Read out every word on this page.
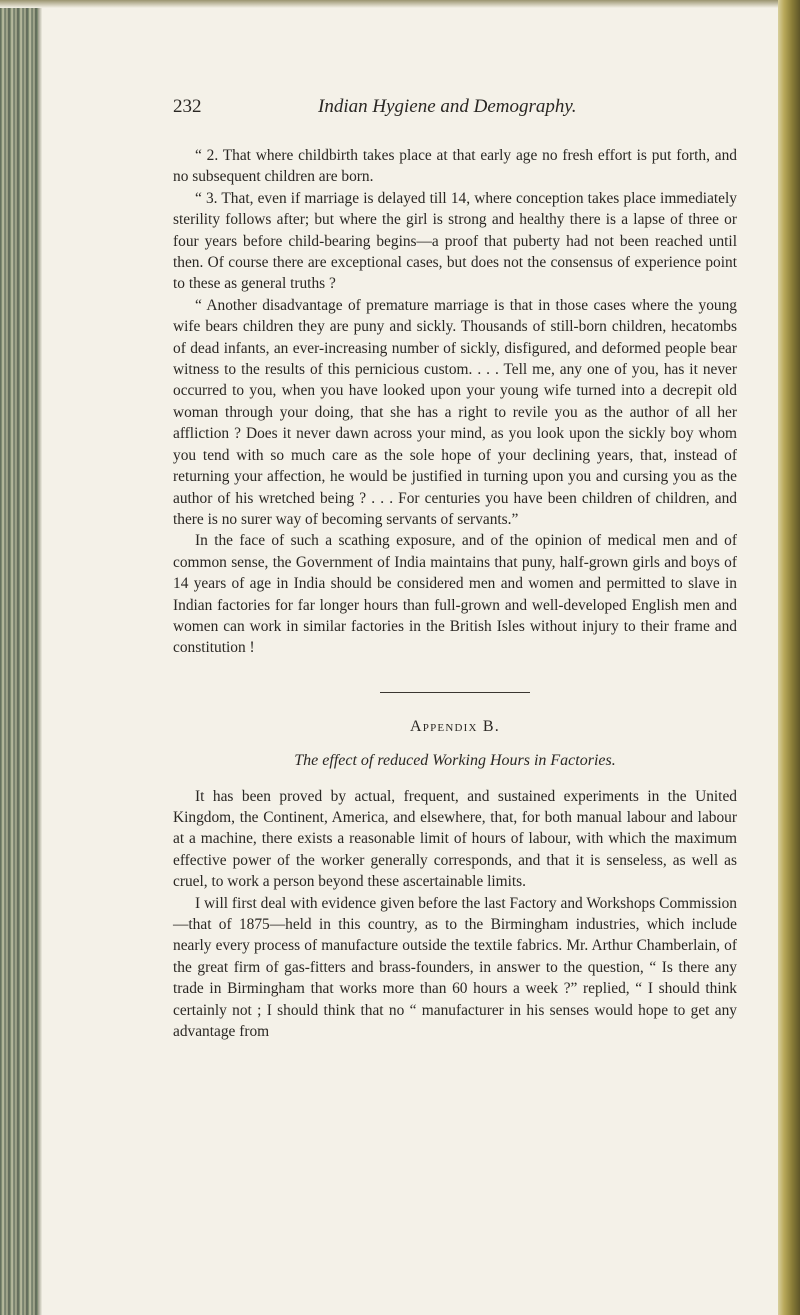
232	Indian Hygiene and Demography.

“ 2. That where childbirth takes place at that early age no fresh effort is put forth, and no subsequent children are born.

“ 3. That, even if marriage is delayed till 14, where conception takes place immediately sterility follows after; but where the girl is strong and healthy there is a lapse of three or four years before child-bearing begins—a proof that puberty had not been reached until then. Of course there are exceptional cases, but does not the consensus of experience point to these as general truths ?

“ Another disadvantage of premature marriage is that in those cases where the young wife bears children they are puny and sickly. Thousands of still-born children, hecatombs of dead infants, an ever-increasing number of sickly, disfigured, and deformed people bear witness to the results of this pernicious custom. . . . Tell me, any one of you, has it never occurred to you, when you have looked upon your young wife turned into a decrepit old woman through your doing, that she has a right to revile you as the author of all her affliction ? Does it never dawn across your mind, as you look upon the sickly boy whom you tend with so much care as the sole hope of your declining years, that, instead of returning your affection, he would be justified in turning upon you and cursing you as the author of his wretched being ? . . . For centuries you have been children of children, and there is no surer way of becoming servants of servants.”

In the face of such a scathing exposure, and of the opinion of medical men and of common sense, the Government of India maintains that puny, half-grown girls and boys of 14 years of age in India should be considered men and women and permitted to slave in Indian factories for far longer hours than full-grown and well-developed English men and women can work in similar factories in the British Isles without injury to their frame and constitution !

Appendix B.
The effect of reduced Working Hours in Factories.

It has been proved by actual, frequent, and sustained experiments in the United Kingdom, the Continent, America, and elsewhere, that, for both manual labour and labour at a machine, there exists a reasonable limit of hours of labour, with which the maximum effective power of the worker generally corresponds, and that it is senseless, as well as cruel, to work a person beyond these ascertainable limits.

I will first deal with evidence given before the last Factory and Workshops Commission—that of 1875—held in this country, as to the Birmingham industries, which include nearly every process of manufacture outside the textile fabrics. Mr. Arthur Chamberlain, of the great firm of gas-fitters and brass-founders, in answer to the question, “ Is there any trade in Birmingham that works more than 60 hours a week ?” replied, “ I should think certainly not ; I should think that no “ manufacturer in his senses would hope to get any advantage from
